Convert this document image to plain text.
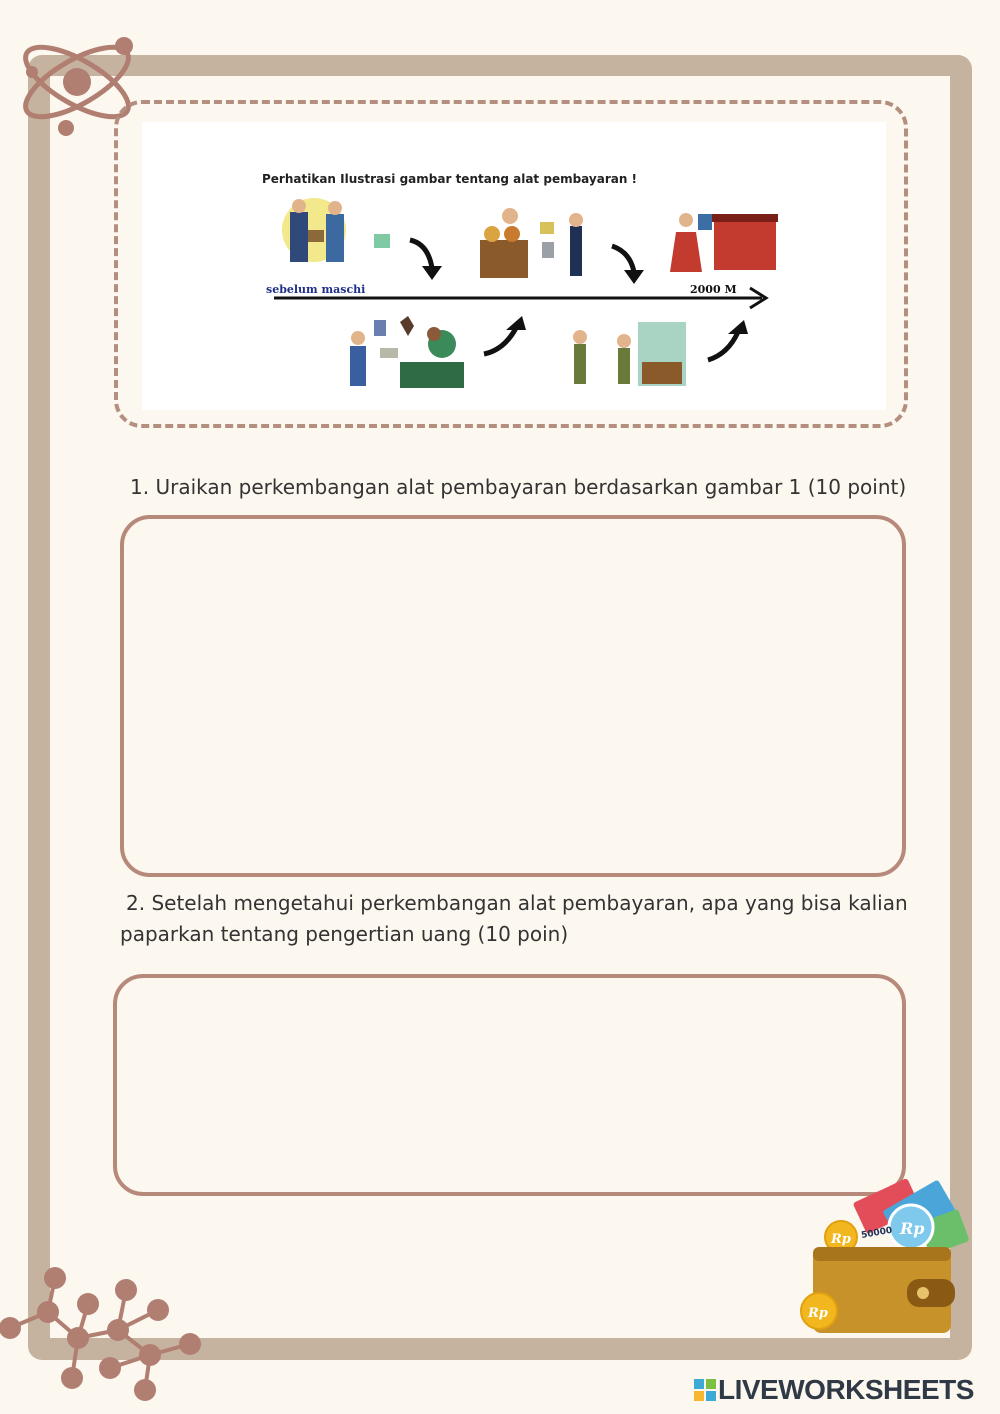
Perhatikan Ilustrasi gambar tentang alat pembayaran !
sebelum maschi	2000 M
1. Uraikan perkembangan alat pembayaran berdasarkan gambar 1 (10 point)
2. Setelah mengetahui perkembangan alat pembayaran, apa yang bisa kalian paparkan tentang pengertian uang (10 poin)
Rp
50000
Rp
Rp
LIVEWORKSHEETS
